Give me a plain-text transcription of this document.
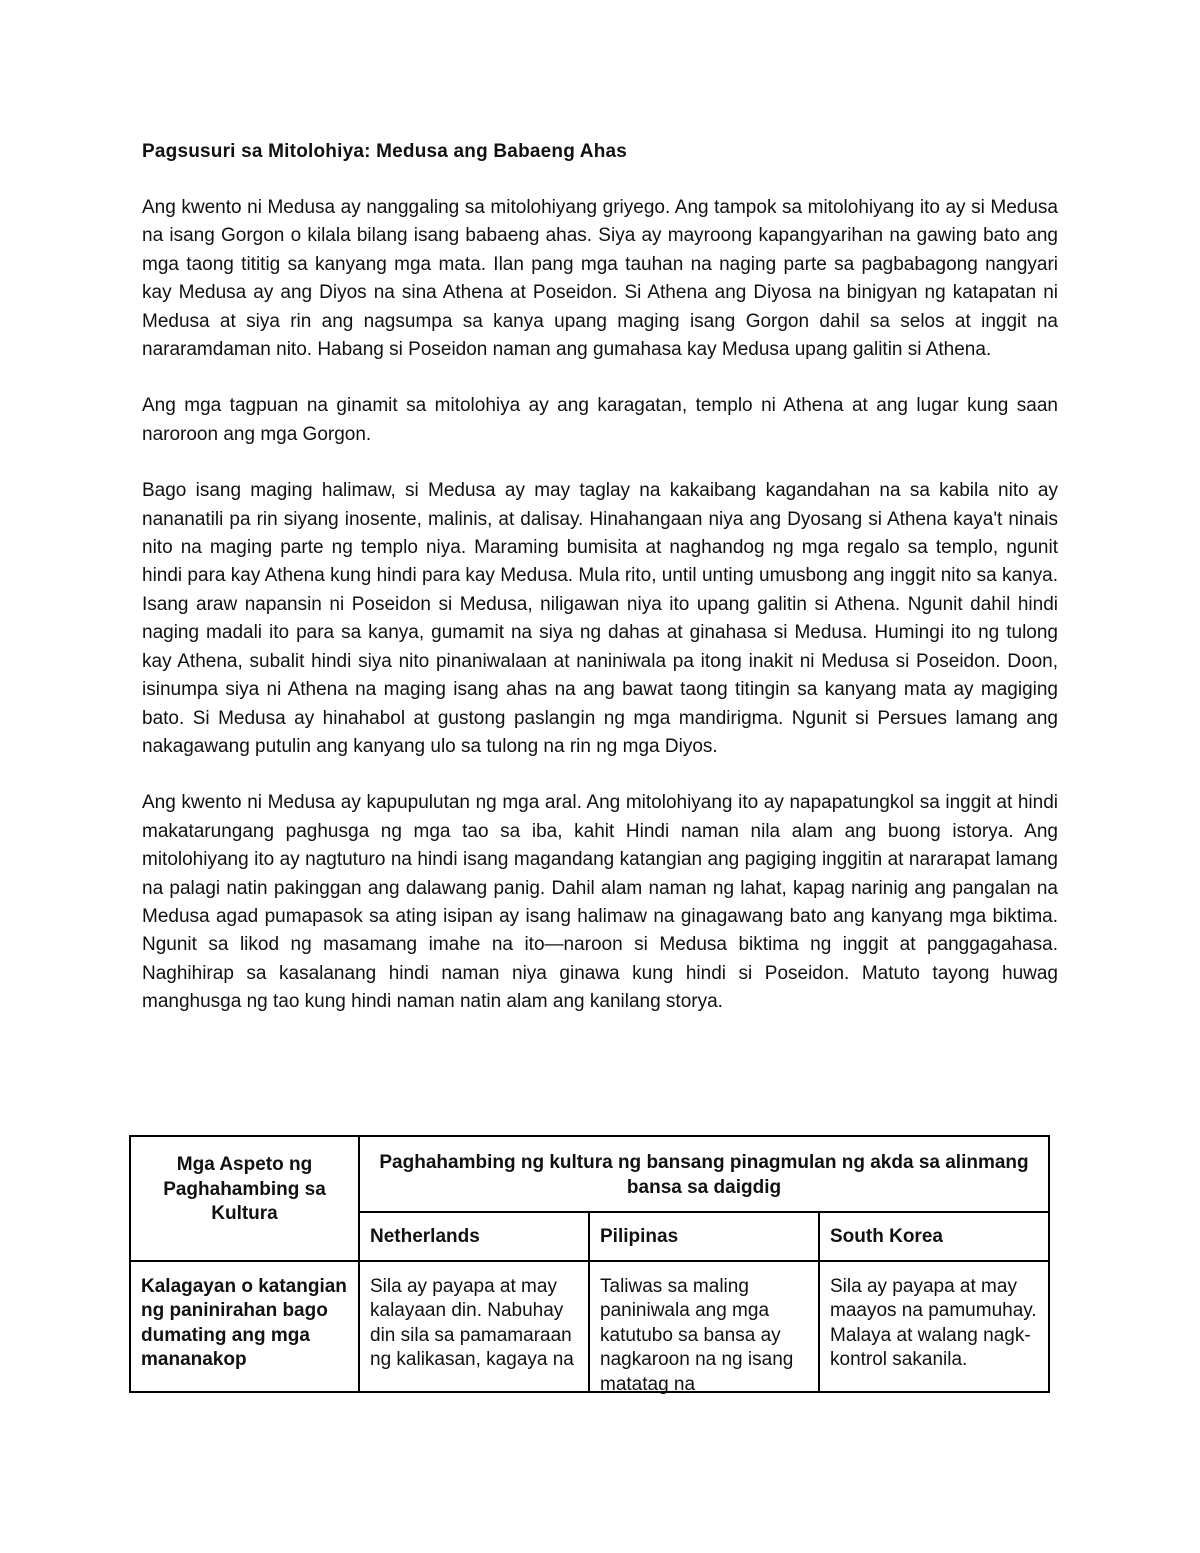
Pagsusuri sa Mitolohiya: Medusa ang Babaeng Ahas

Ang kwento ni Medusa ay nanggaling sa mitolohiyang griyego. Ang tampok sa mitolohiyang ito ay si Medusa na isang Gorgon o kilala bilang isang babaeng ahas. Siya ay mayroong kapangyarihan na gawing bato ang mga taong tititig sa kanyang mga mata. Ilan pang mga tauhan na naging parte sa pagbabagong nangyari kay Medusa ay ang Diyos na sina Athena at Poseidon. Si Athena ang Diyosa na binigyan ng katapatan ni Medusa at siya rin ang nagsumpa sa kanya upang maging isang Gorgon dahil sa selos at inggit na nararamdaman nito. Habang si Poseidon naman ang gumahasa kay Medusa upang galitin si Athena.

Ang mga tagpuan na ginamit sa mitolohiya ay ang karagatan, templo ni Athena at ang lugar kung saan naroroon ang mga Gorgon.

Bago isang maging halimaw, si Medusa ay may taglay na kakaibang kagandahan na sa kabila nito ay nananatili pa rin siyang inosente, malinis, at dalisay. Hinahangaan niya ang Dyosang si Athena kaya't ninais nito na maging parte ng templo niya. Maraming bumisita at naghandog ng mga regalo sa templo, ngunit hindi para kay Athena kung hindi para kay Medusa. Mula rito, until unting umusbong ang inggit nito sa kanya. Isang araw napansin ni Poseidon si Medusa, niligawan niya ito upang galitin si Athena. Ngunit dahil hindi naging madali ito para sa kanya, gumamit na siya ng dahas at ginahasa si Medusa. Humingi ito ng tulong kay Athena, subalit hindi siya nito pinaniwalaan at naniniwala pa itong inakit ni Medusa si Poseidon. Doon, isinumpa siya ni Athena na maging isang ahas na ang bawat taong titingin sa kanyang mata ay magiging bato. Si Medusa ay hinahabol at gustong paslangin ng mga mandirigma. Ngunit si Persues lamang ang nakagawang putulin ang kanyang ulo sa tulong na rin ng mga Diyos.

Ang kwento ni Medusa ay kapupulutan ng mga aral. Ang mitolohiyang ito ay napapatungkol sa inggit at hindi makatarungang paghusga ng mga tao sa iba, kahit Hindi naman nila alam ang buong istorya. Ang mitolohiyang ito ay nagtuturo na hindi isang magandang katangian ang pagiging inggitin at nararapat lamang na palagi natin pakinggan ang dalawang panig. Dahil alam naman ng lahat, kapag narinig ang pangalan na Medusa agad pumapasok sa ating isipan ay isang halimaw na ginagawang bato ang kanyang mga biktima. Ngunit sa likod ng masamang imahe na ito—naroon si Medusa biktima ng inggit at panggagahasa. Naghihirap sa kasalanang hindi naman niya ginawa kung hindi si Poseidon. Matuto tayong huwag manghusga ng tao kung hindi naman natin alam ang kanilang storya.

Mga Aspeto ng Paghahambing sa Kultura	Paghahambing ng kultura ng bansang pinagmulan ng akda sa alinmang bansa sa daigdig		
	Netherlands	Pilipinas	South Korea
Kalagayan o katangian ng paninirahan bago dumating ang mga mananakop	Sila ay payapa at may kalayaan din. Nabuhay din sila sa pamamaraan ng kalikasan, kagaya na	Taliwas sa maling paniniwala ang mga katutubo sa bansa ay nagkaroon na ng isang matatag na	Sila ay payapa at may maayos na pamumuhay. Malaya at walang nagk-kontrol sakanila.
